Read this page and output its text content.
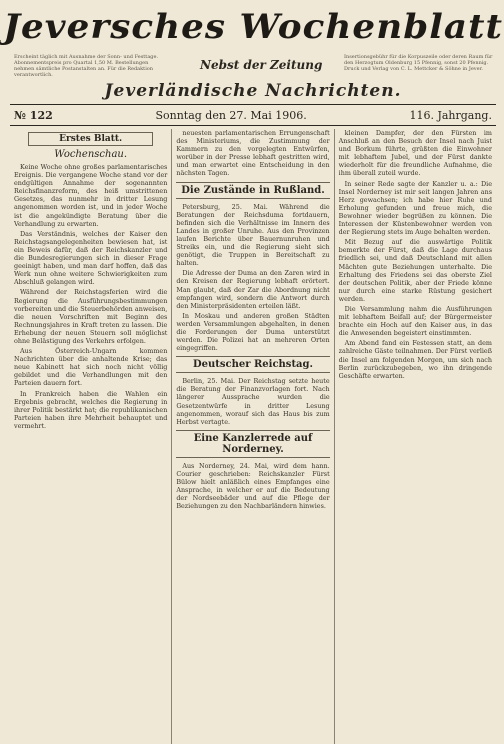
Jeversches Wochenblatt
Erscheint täglich mit Ausnahme der Sonn- und Festtage. Abonnementspreis pro Quartal 1,50 M. Bestellungen nehmen sämtliche Postanstalten an. Für die Redaktion verantwortlich.
Nebst der Zeitung
Insertionsgebühr für die Korpuszeile oder deren Raum für den Herzogtum Oldenburg 15 Pfennig, sonst 20 Pfennig. Druck und Verlag von C. L. Mettcker & Söhne in Jever.
Jeverländische Nachrichten.
№ 122	Sonntag den 27. Mai 1906.	116. Jahrgang.
Erstes Blatt.
Wochenschau.
Keine Woche ohne großes parlamentarisches Ereignis. Die vergangene Woche stand vor der endgültigen Annahme der sogenannten Reichsfinanzreform, des heiß umstrittenen Gesetzes, das nunmehr in dritter Lesung angenommen worden ist, und in jeder Woche ist die angekündigte Beratung über die Verhandlung zu erwarten.
Das Verständnis, welches der Kaiser den Reichstagsangelegenheiten bewiesen hat, ist ein Beweis dafür, daß der Reichskanzler und die Bundesregierungen sich in dieser Frage geeinigt haben, und man darf hoffen, daß das Werk nun ohne weitere Schwierigkeiten zum Abschluß gelangen wird.
Während der Reichstagsferien wird die Regierung die Ausführungsbestimmungen vorbereiten und die Steuerbehörden anweisen, die neuen Vorschriften mit Beginn des Rechnungsjahres in Kraft treten zu lassen. Die Erhebung der neuen Steuern soll möglichst ohne Belästigung des Verkehrs erfolgen.
Aus Österreich-Ungarn kommen Nachrichten über die anhaltende Krise; das neue Kabinett hat sich noch nicht völlig gebildet und die Verhandlungen mit den Parteien dauern fort.
In Frankreich haben die Wahlen ein Ergebnis gebracht, welches die Regierung in ihrer Politik bestärkt hat; die republikanischen Parteien haben ihre Mehrheit behauptet und vermehrt.
neuesten parlamentarischen Errungenschaft des Ministeriums, die Zustimmung der Kammern zu den vorgelegten Entwürfen, worüber in der Presse lebhaft gestritten wird, und man erwartet eine Entscheidung in den nächsten Tagen.
Die Zustände in Rußland.
Petersburg, 25. Mai. Während die Beratungen der Reichsduma fortdauern, befinden sich die Verhältnisse im Innern des Landes in großer Unruhe. Aus den Provinzen laufen Berichte über Bauernunruhen und Streiks ein, und die Regierung sieht sich genötigt, die Truppen in Bereitschaft zu halten.
Die Adresse der Duma an den Zaren wird in den Kreisen der Regierung lebhaft erörtert. Man glaubt, daß der Zar die Abordnung nicht empfangen wird, sondern die Antwort durch den Ministerpräsidenten erteilen läßt.
In Moskau und anderen großen Städten werden Versammlungen abgehalten, in denen die Forderungen der Duma unterstützt werden. Die Polizei hat an mehreren Orten eingegriffen.
Deutscher Reichstag.
Berlin, 25. Mai. Der Reichstag setzte heute die Beratung der Finanzvorlagen fort. Nach längerer Aussprache wurden die Gesetzentwürfe in dritter Lesung angenommen, worauf sich das Haus bis zum Herbst vertagte.
Eine Kanzlerrede auf Norderney.
Aus Norderney, 24. Mai, wird dem hann. Courier geschrieben: Reichskanzler Fürst Bülow hielt anläßlich eines Empfanges eine Ansprache, in welcher er auf die Bedeutung der Nordseebäder und auf die Pflege der Beziehungen zu den Nachbarländern hinwies.
kleinen Dampfer, der den Fürsten im Anschluß an den Besuch der Insel nach Juist und Borkum führte, grüßten die Einwohner mit lebhaftem Jubel, und der Fürst dankte wiederholt für die freundliche Aufnahme, die ihm überall zuteil wurde.
In seiner Rede sagte der Kanzler u. a.: Die Insel Norderney ist mir seit langen Jahren ans Herz gewachsen; ich habe hier Ruhe und Erholung gefunden und freue mich, die Bewohner wieder begrüßen zu können. Die Interessen der Küstenbewohner werden von der Regierung stets im Auge behalten werden.
Mit Bezug auf die auswärtige Politik bemerkte der Fürst, daß die Lage durchaus friedlich sei, und daß Deutschland mit allen Mächten gute Beziehungen unterhalte. Die Erhaltung des Friedens sei das oberste Ziel der deutschen Politik, aber der Friede könne nur durch eine starke Rüstung gesichert werden.
Die Versammlung nahm die Ausführungen mit lebhaftem Beifall auf; der Bürgermeister brachte ein Hoch auf den Kaiser aus, in das die Anwesenden begeistert einstimmten.
Am Abend fand ein Festessen statt, an dem zahlreiche Gäste teilnahmen. Der Fürst verließ die Insel am folgenden Morgen, um sich nach Berlin zurückzubegeben, wo ihn dringende Geschäfte erwarten.
